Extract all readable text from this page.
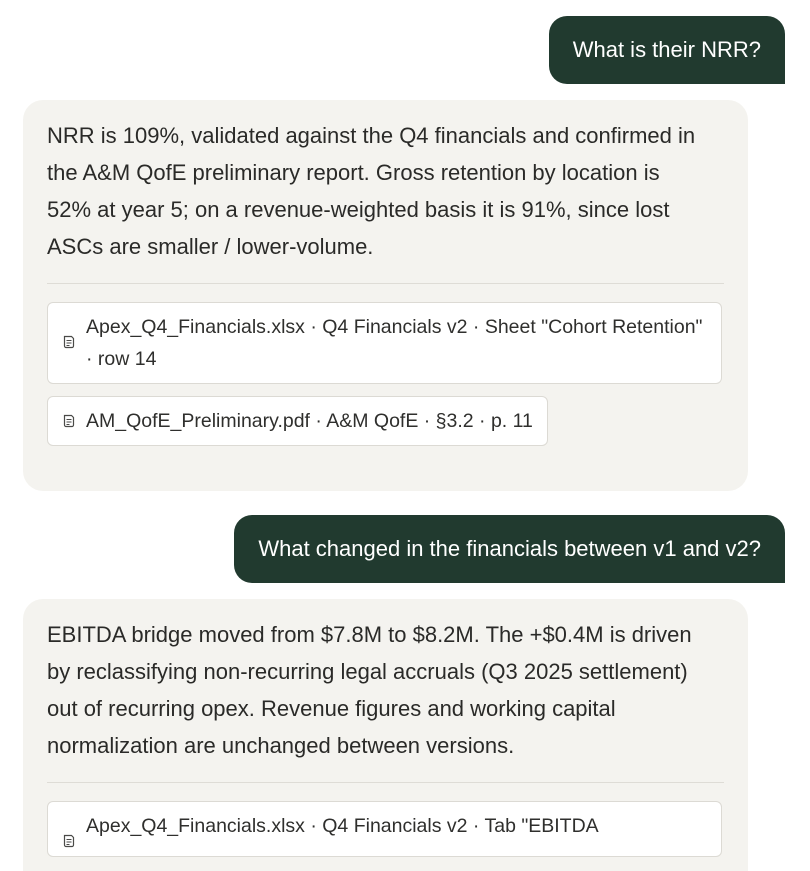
What is their NRR?

NRR is 109%, validated against the Q4 financials and confirmed in the A&M QofE preliminary report. Gross retention by location is 52% at year 5; on a revenue-weighted basis it is 91%, since lost ASCs are smaller / lower-volume.

Apex_Q4_Financials.xlsx · Q4 Financials v2 · Sheet "Cohort Retention" · row 14
AM_QofE_Preliminary.pdf · A&M QofE · §3.2 · p. 11
What changed in the financials between v1 and v2?

EBITDA bridge moved from $7.8M to $8.2M. The +$0.4M is driven by reclassifying non-recurring legal accruals (Q3 2025 settlement) out of recurring opex. Revenue figures and working capital normalization are unchanged between versions.

Apex_Q4_Financials.xlsx · Q4 Financials v2 · Tab "EBITDA
